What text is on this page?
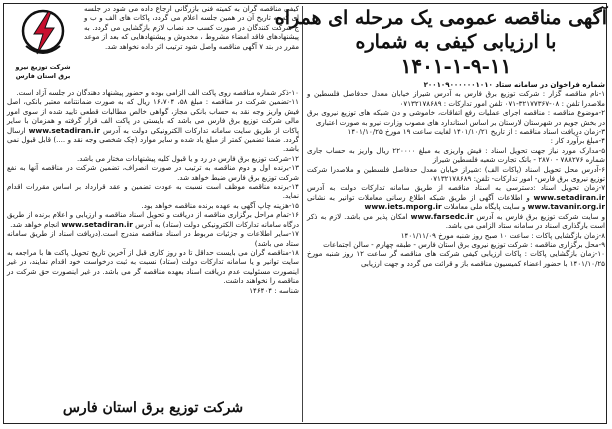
آگهی مناقصه عمومی یک مرحله ای همراه
با ارزیابی کیفی به شماره
۱۴۰۱-۱-۹-۱۱

شماره فراخوان در سامانه ستاد ۲۰۰۱۰۹۰۰۰۰۰۰۱۰۱۰

۱-نام مناقصه گزار : شرکت توزیع برق فارس به آدرس شیراز خیابان معدل حدفاصل فلسطین و ملاصدرا تلفن : ۰۸-۳۲۱۷۷۳۶۷-۰۷۱ تلفن امور تدارکات : ۰۷۱۳۲۱۷۸۶۸۹

۲-موضوع مناقصه : مناقصه اجرای عملیات رفع اتفاقات، خاموشی و دن شبکه های توزیع نیروی برق در بخش جویم در شهرستان لارستان بر اساس استاندارد های مصوب وزارت نیرو به صورت اعتباری

۳-زمان دریافت اسناد مناقصه : از تاریخ ۱۴۰۱/۱۰/۲۱ لغایت ساعت ۱۹ مورخ ۱۴۰۱/۱۰/۲۵

۴-مبلغ برآورد کار :

۵-مدارک مورد نیاز جهت تحویل اسناد : فیش واریزی به مبلغ ۲۲۰۰۰۰ ریال واریز به حساب جاری شماره ۷۸۸۲۷۶ - ۲۸۷۰ - بانک تجارت شعبه فلسطین شیراز

۶-آدرس محل تحویل اسناد (پاکات الف) :شیراز خیابان معدل حدفاصل فلسطین و ملاصدرا شرکت توزیع نیروی برق فارس- امور تدارکات- تلفن: ۰۷۱۳۲۱۷۸۶۸۹

۷-زمان تحویل اسناد :دسترسی به اسناد مناقصه از طریق سامانه تدارکات دولت به آدرس www.setadiran.ir و اطلاعات آگهی از طریق شبکه اطلاع رسانی معاملات توانیر به نشانی www.tavanir.org.ir و سایت پایگاه ملی معاملات www.iets.mporg.ir

و سایت شرکت توزیع برق فارس به آدرس www.farsedc.ir امکان پذیر می باشد. لازم به ذکر است بارگذاری اسناد در سامانه ستاد الزامی می باشد.

۸-زمان بازگشایی پاکات : ساعت ۱۰ صبح روز شنبه مورخ ۱۴۰۱/۱۱/۰۹

۹-محل برگزاری مناقصه : شرکت توزیع نیروی برق استان فارس - طبقه چهارم - سالن اجتماعات

۱۰-زمان بازگشایی پاکات : پاکات ارزیابی کیفی شرکت های مناقصه گر ساعت ۱۲ روز شنبه مورخ ۱۴۰۱/۱۰/۲۵ با حضور اعضاء کمیسیون مناقصه باز و قرائت می گردد و جهت ارزیابی

شرکت توزیع نیرو
برق استان فارس

کیفی مناقصه گران به کمیته فنی بازرگانی ارجاع داده می شود در جلسه ای که به تاریخ آن در همین جلسه اعلام می گردد، پاکات های الف و ب و ج شرکت کنندگان در صورت کسب حد نصاب لازم بازگشایی می گردد. به پیشنهادهای فاقد امضاء مشروط ، مخدوش و پیشنهادهایی که بعد از موعد مقرر در بند ۷ آگهی مناقصه واصل شود ترتیب اثر داده نخواهد شد.

۱۰-ذکر شماره مناقصه روی پاکت الف الزامی بوده و حضور پیشنهاد دهندگان در جلسه آزاد است.

۱۱-تضمین شرکت در مناقصه : مبلغ ۵۸، ۱۶،۷۰۴ ریال که به صورت ضمانتنامه معتبر بانکی، اصل فیش واریز وجه نقد به حساب بانکی مجاز، گواهی خالص مطالبات قطعی تایید شده از سوی امور مالی شرکت توزیع برق فارس می باشد که بایستی در پاکت الف قرار گرفته و همزمان با سایر پاکات از طریق سایت سامانه تدارکات الکترونیکی دولت به آدرس www.setadiran.ir ارسال گردد. ضمنا تضمین کمتر از مبلغ یاد شده و سایر موارد (چک شخصی وجه نقد و ....) قابل قبول نمی باشد.

۱۲-شرکت توزیع برق فارس در رد و یا قبول کلیه پیشنهادات مختار می باشد.

۱۳-برنده اول و دوم مناقصه به ترتیب در صورت انصراف، تضمین شرکت در مناقصه آنها به نفع شرکت توزیع برق فارس ضبط خواهد شد.

۱۴-برنده مناقصه موظف است نسبت به عودت تضمین و عقد قرارداد بر اساس مقررات اقدام نماید.

۱۵-هزینه چاپ آگهی به عهده برنده مناقصه خواهد بود.

۱۶-تمام مراحل برگزاری مناقصه از دریافت و تحویل اسناد مناقصه و ارزیابی و اعلام برنده از طریق درگاه سامانه تدارکات الکترونیکی دولت (ستاد) به آدرس www.setadiran.ir انجام خواهد شد.

۱۷-سایر اطلاعات و جزئیات مربوط در اسناد مناقصه مندرج است.(دریافت اسناد از طریق سامانه ستاد می باشد)

۱۸-مناقصه گران می بایست حداقل تا دو روز کاری قبل از آخرین تاریخ تحویل پاکت ها با مراجعه به سایت توانیر و یا سامانه تدارکات دولت (ستاد) نسبت به ثبت درخواست خود اقدام نمایند، در غیر اینصورت مسئولیت عدم دریافت اسناد بعهده مناقصه گر می باشد. در غیر اینصورت حق شرکت در مناقصه را نخواهند داشت.

شناسه : ۱۴۶۴۰۴

شرکت توزیع برق استان فارس
